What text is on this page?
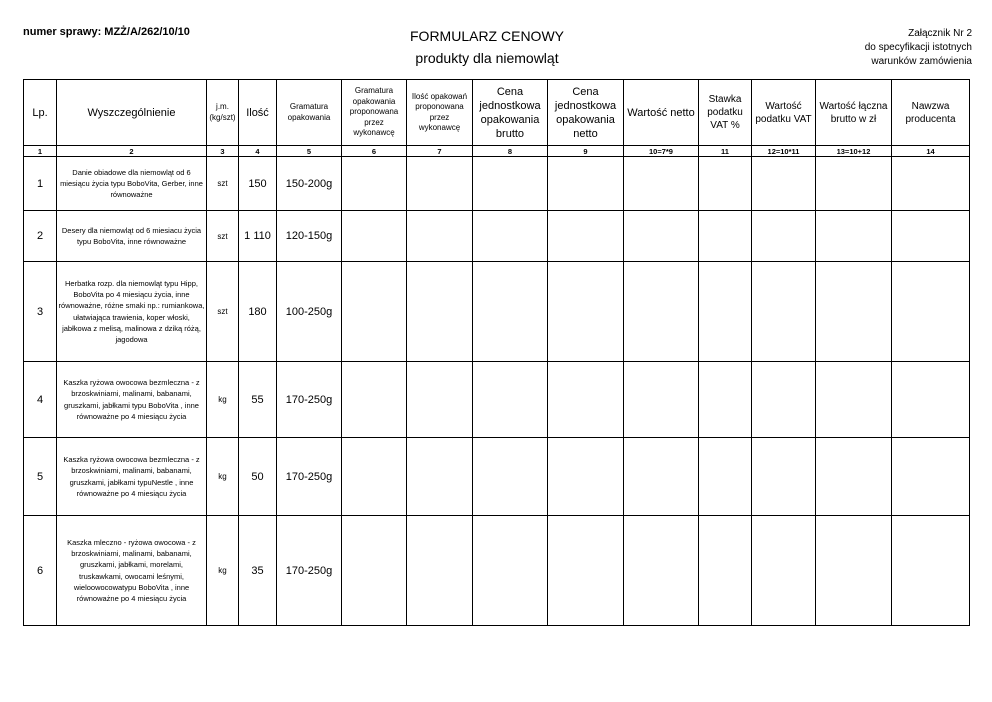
numer sprawy: MZŻ/A/262/10/10	FORMULARZ CENOWY
produkty dla niemowląt
Załącznik Nr 2
do specyfikacji istotnych
warunków zamówienia
Lp.	Wyszczególnienie	j.m. (kg/szt)	Ilość	Gramatura opakowania	Gramatura opakowania proponowana przez wykonawcę	Ilość opakowań proponowana przez wykonawcę	Cena jednostkowa opakowania brutto	Cena jednostkowa opakowania netto	Wartość netto	Stawka podatku VAT %	Wartość podatku VAT	Wartość łączna brutto w zł	Nawzwa producenta
1	2	3	4	5	6	7	8	9	10=7*9	11	12=10*11	13=10+12	14
1	Danie obiadowe dla niemowląt od 6 miesiącu życia typu BoboVita, Gerber, inne równoważne	szt	150	150-200g									
2	Desery dla niemowląt od 6 miesiacu życia typu BoboVita, inne równoważne	szt	1 110	120-150g									
3	Herbatka rozp. dla niemowląt typu Hipp, BoboVita po 4 miesiącu życia, inne równoważne, różne smaki np.: rumiankowa, ułatwiająca trawienia, koper włoski, jabłkowa z melisą, malinowa z dziką różą, jagodowa	szt	180	100-250g									
4	Kaszka ryżowa owocowa bezmleczna - z brzoskwiniami, malinami, babanami, gruszkami, jabłkami typu BoboVita , inne równoważne po 4 miesiącu życia	kg	55	170-250g									
5	Kaszka ryżowa owocowa bezmleczna - z brzoskwiniami, malinami, babanami, gruszkami, jabłkami typuNestle , inne równoważne po 4 miesiącu życia	kg	50	170-250g									
6	Kaszka mleczno - ryżowa owocowa - z brzoskwiniami, malinami, babanami, gruszkami, jabłkami, morelami, truskawkami, owocami leśnymi, wieloowocowatypu BoboVita , inne równoważne po 4 miesiącu życia	kg	35	170-250g									
